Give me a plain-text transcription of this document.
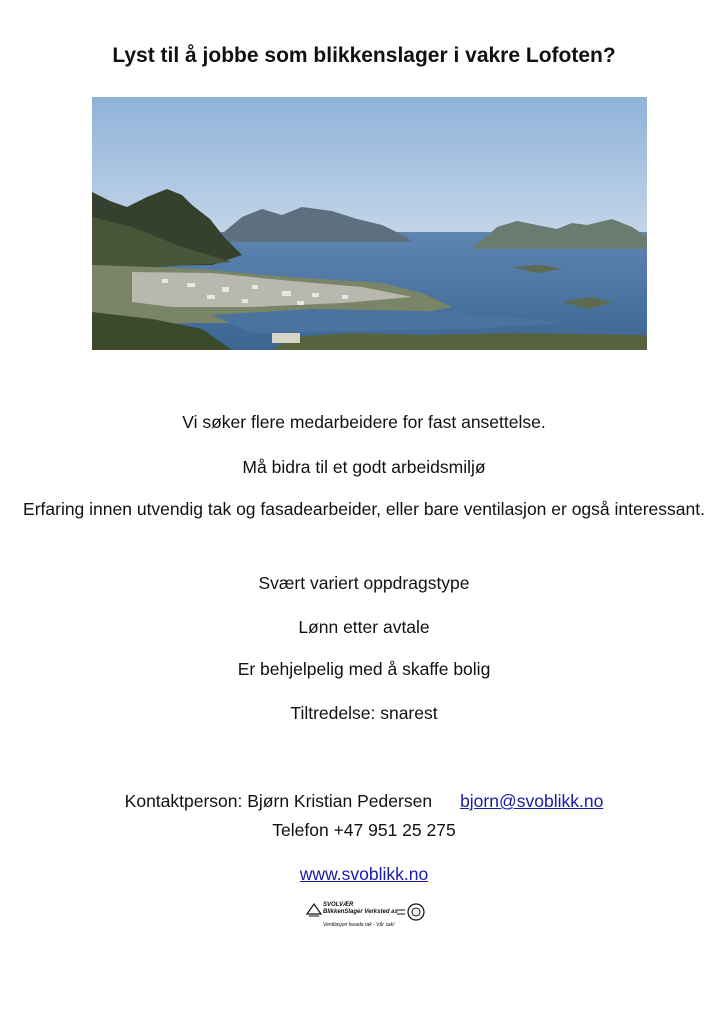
Lyst til å jobbe som blikkenslager i vakre Lofoten?
Vi søker flere medarbeidere for fast ansettelse.
Må bidra til et godt arbeidsmiljø
Erfaring innen utvendig tak og fasadearbeider, eller bare ventilasjon er også interessant.
Svært variert oppdragstype
Lønn etter avtale
Er behjelpelig med å skaffe bolig
Tiltredelse: snarest
Kontaktperson: Bjørn Kristian Pedersen bjorn@svoblikk.no
Telefon +47 951 25 275
www.svoblikk.no
SVOLVÆR
BlikkenSlager Verksted as
Ventilasjon fasade tak - Vår sak!
